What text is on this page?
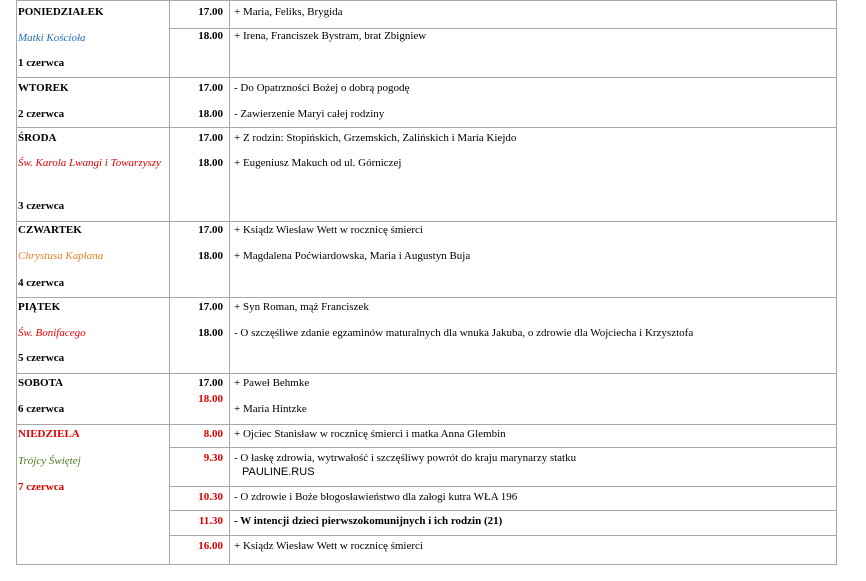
PONIEDZIAŁEK
Matki Kościoła
1 czerwca
17.00 + Maria, Feliks, Brygida
18.00 + Irena, Franciszek Bystram, brat Zbigniew
WTOREK
2 czerwca
17.00 - Do Opatrzności Bożej o dobrą pogodę
18.00 - Zawierzenie Maryi całej rodziny
ŚRODA
Św. Karola Lwangi i Towarzyszy
3 czerwca
17.00 + Z rodzin: Stopińskich, Grzemskich, Zalińskich i Maria Kiejdo
18.00 + Eugeniusz Makuch od ul. Górniczej
CZWARTEK
Chrystusa Kapłana
4 czerwca
17.00 + Ksiądz Wiesław Wett w rocznicę śmierci
18.00 + Magdalena Poćwiardowska, Maria i Augustyn Buja
PIĄTEK
Św. Bonifacego
5 czerwca
17.00 + Syn Roman, mąż Franciszek
18.00 - O szczęśliwe zdanie egzaminów maturalnych dla wnuka Jakuba, o zdrowie dla Wojciecha i Krzysztofa
SOBOTA
6 czerwca
17.00 + Paweł Behmke
18.00
+ Maria Hintzke
NIEDZIELA
Trójcy Świętej
7 czerwca
8.00 + Ojciec Stanisław w rocznicę śmierci i matka Anna Glembin
9.30 - O łaskę zdrowia, wytrwałość i szczęśliwy powrót do kraju marynarzy statku
PAULINE.RUS
10.30 - O zdrowie i Boże błogosławieństwo dla załogi kutra WŁA 196
11.30 - W intencji dzieci pierwszokomunijnych i ich rodzin (21)
16.00 + Ksiądz Wiesław Wett w rocznicę śmierci
